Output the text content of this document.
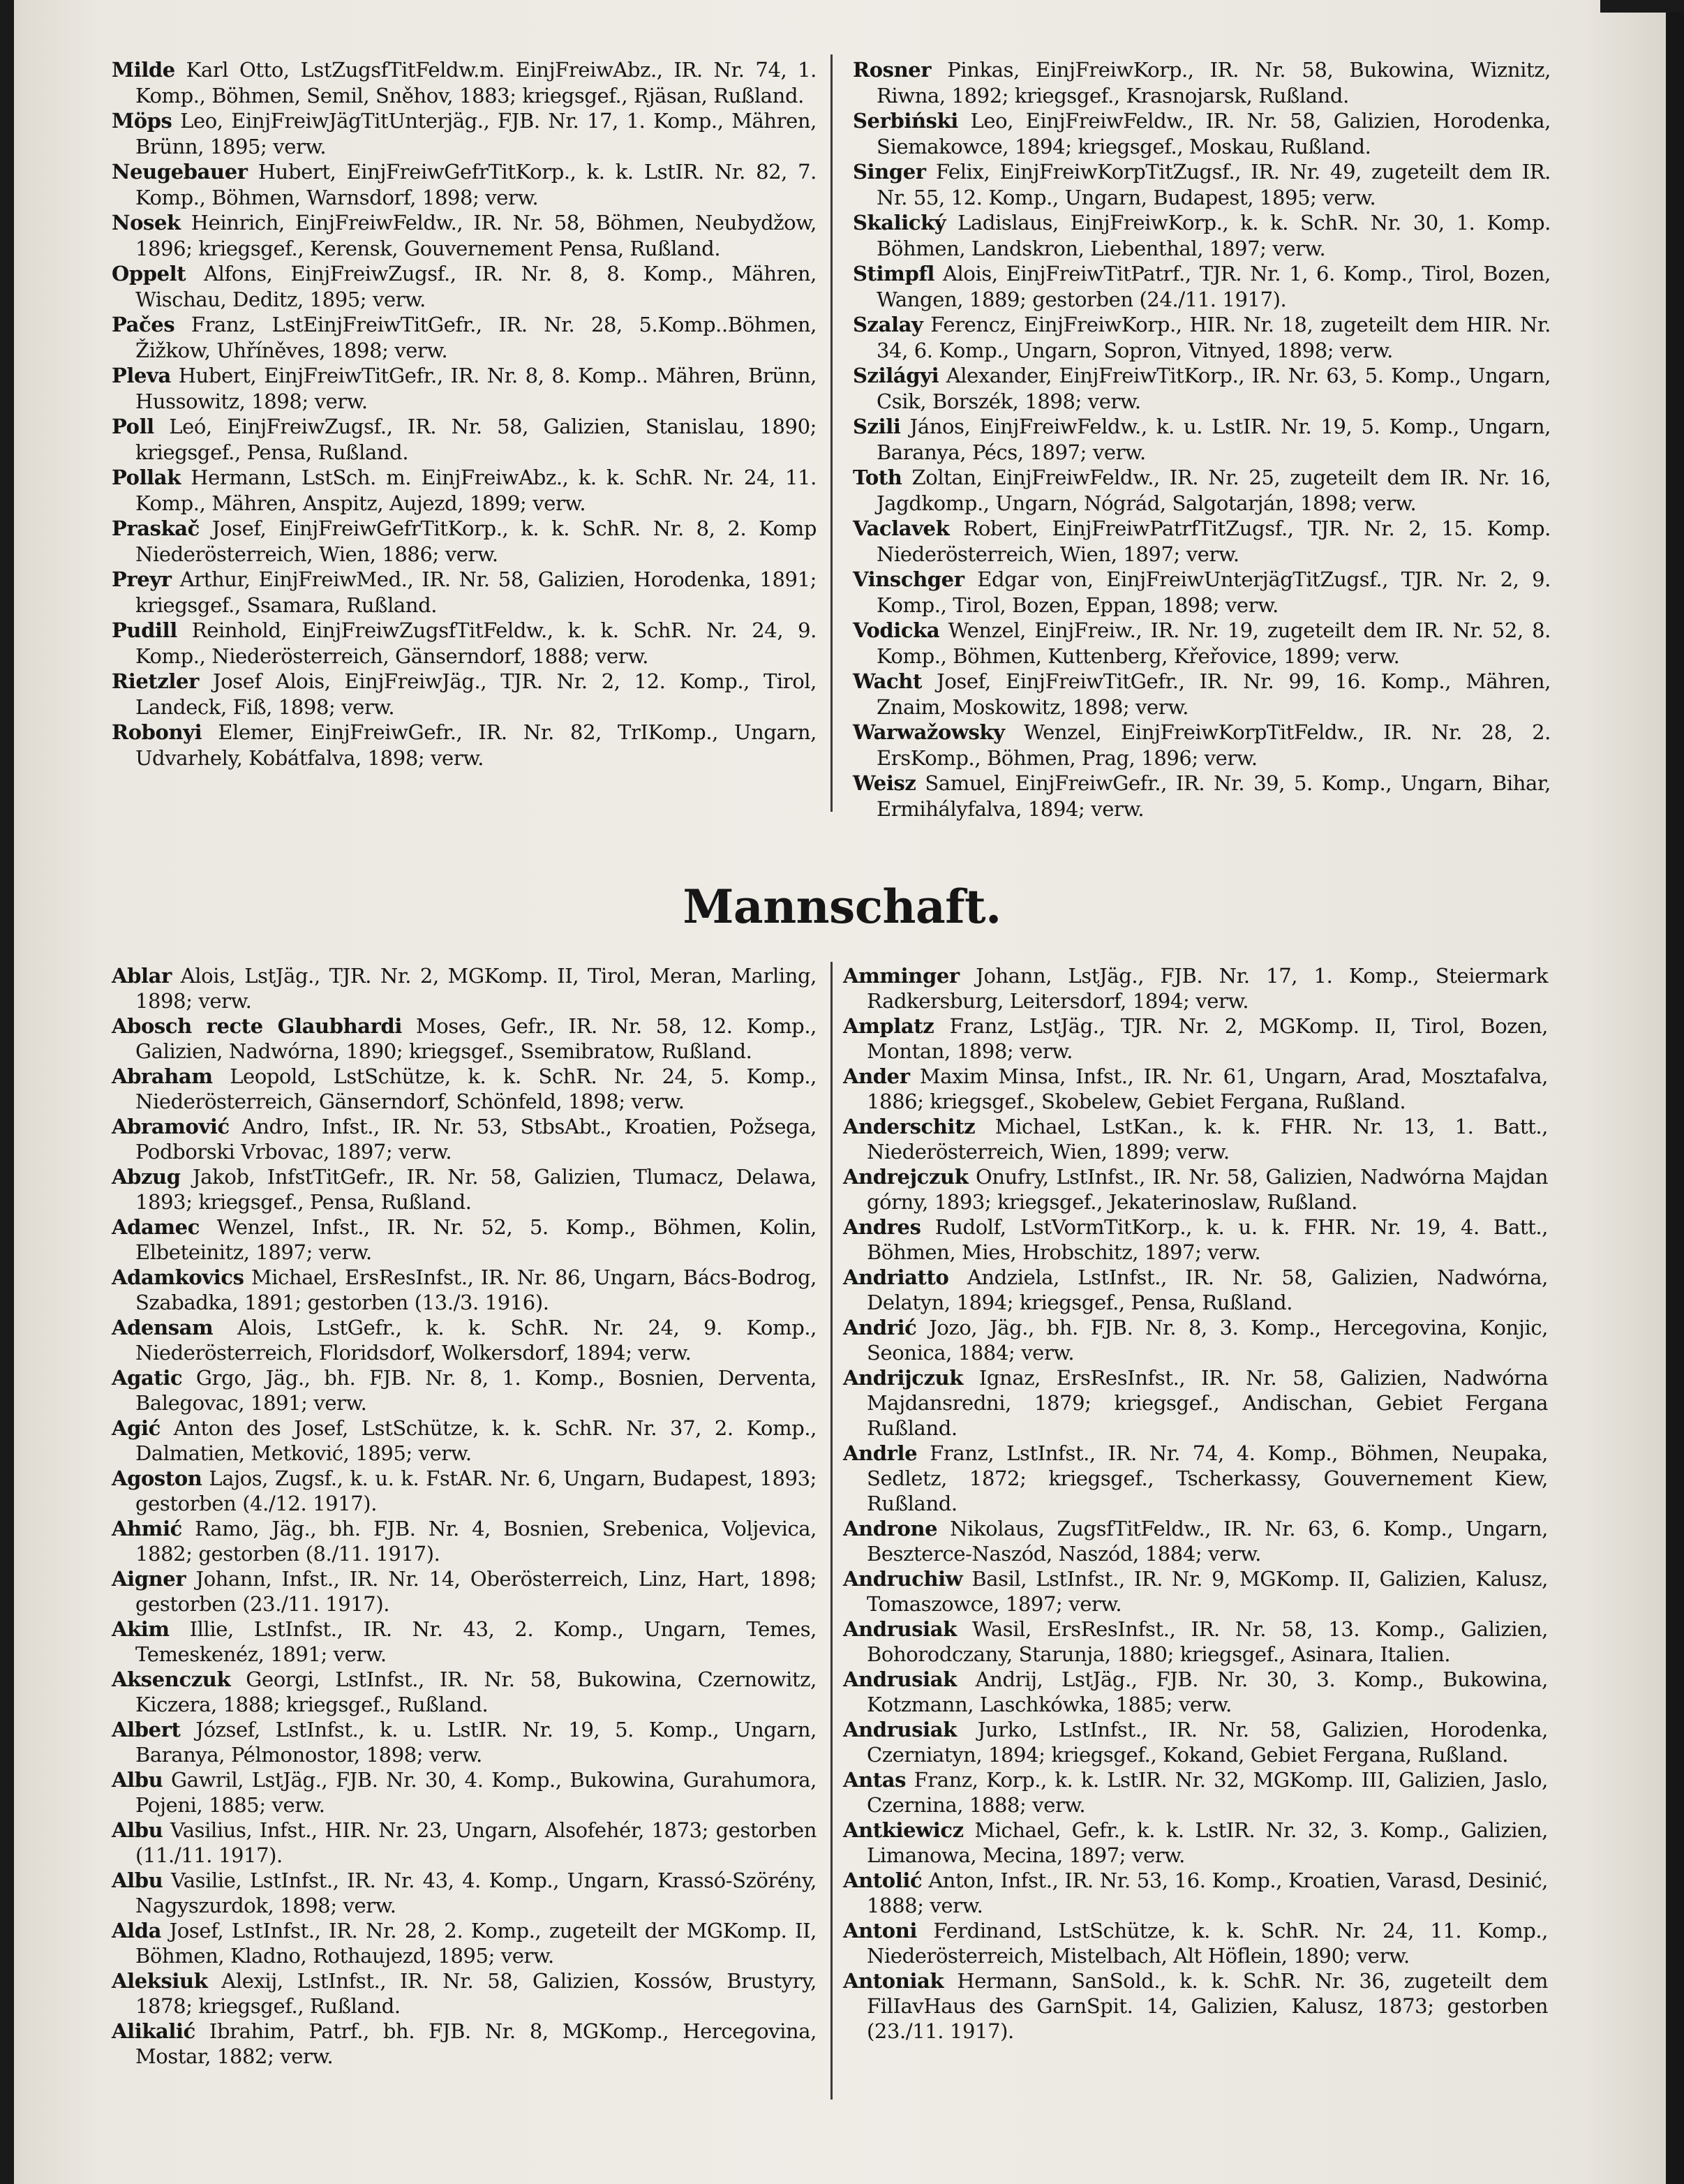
Milde Karl Otto, LstZugsfTitFeldw.m. EinjFreiwAbz., IR. Nr. 74, 1. Komp., Böhmen, Semil, Sněhov, 1883; kriegsgef., Rjäsan, Rußland.

Möps Leo, EinjFreiwJägTitUnterjäg., FJB. Nr. 17, 1. Komp., Mähren, Brünn, 1895; verw.

Neugebauer Hubert, EinjFreiwGefrTitKorp., k. k. LstIR. Nr. 82, 7. Komp., Böhmen, Warnsdorf, 1898; verw.

Nosek Heinrich, EinjFreiwFeldw., IR. Nr. 58, Böhmen, Neubydžow, 1896; kriegsgef., Kerensk, Gouvernement Pensa, Rußland.

Oppelt Alfons, EinjFreiwZugsf., IR. Nr. 8, 8. Komp., Mähren, Wischau, Deditz, 1895; verw.

Pačes Franz, LstEinjFreiwTitGefr., IR. Nr. 28, 5.Komp..Böhmen, Žižkow, Uhříněves, 1898; verw.

Pleva Hubert, EinjFreiwTitGefr., IR. Nr. 8, 8. Komp.. Mähren, Brünn, Hussowitz, 1898; verw.

Poll Leó, EinjFreiwZugsf., IR. Nr. 58, Galizien, Stanislau, 1890; kriegsgef., Pensa, Rußland.

Pollak Hermann, LstSch. m. EinjFreiwAbz., k. k. SchR. Nr. 24, 11. Komp., Mähren, Anspitz, Aujezd, 1899; verw.

Praskač Josef, EinjFreiwGefrTitKorp., k. k. SchR. Nr. 8, 2. Komp Niederösterreich, Wien, 1886; verw.

Preyr Arthur, EinjFreiwMed., IR. Nr. 58, Galizien, Horodenka, 1891; kriegsgef., Ssamara, Rußland.

Pudill Reinhold, EinjFreiwZugsfTitFeldw., k. k. SchR. Nr. 24, 9. Komp., Niederösterreich, Gänserndorf, 1888; verw.

Rietzler Josef Alois, EinjFreiwJäg., TJR. Nr. 2, 12. Komp., Tirol, Landeck, Fiß, 1898; verw.

Robonyi Elemer, EinjFreiwGefr., IR. Nr. 82, TrIKomp., Ungarn, Udvarhely, Kobátfalva, 1898; verw.

Rosner Pinkas, EinjFreiwKorp., IR. Nr. 58, Bukowina, Wiznitz, Riwna, 1892; kriegsgef., Krasnojarsk, Rußland.

Serbiński Leo, EinjFreiwFeldw., IR. Nr. 58, Galizien, Horodenka, Siemakowce, 1894; kriegsgef., Moskau, Rußland.

Singer Felix, EinjFreiwKorpTitZugsf., IR. Nr. 49, zugeteilt dem IR. Nr. 55, 12. Komp., Ungarn, Budapest, 1895; verw.

Skalický Ladislaus, EinjFreiwKorp., k. k. SchR. Nr. 30, 1. Komp. Böhmen, Landskron, Liebenthal, 1897; verw.

Stimpfl Alois, EinjFreiwTitPatrf., TJR. Nr. 1, 6. Komp., Tirol, Bozen, Wangen, 1889; gestorben (24./11. 1917).

Szalay Ferencz, EinjFreiwKorp., HIR. Nr. 18, zugeteilt dem HIR. Nr. 34, 6. Komp., Ungarn, Sopron, Vitnyed, 1898; verw.

Szilágyi Alexander, EinjFreiwTitKorp., IR. Nr. 63, 5. Komp., Ungarn, Csik, Borszék, 1898; verw.

Szili János, EinjFreiwFeldw., k. u. LstIR. Nr. 19, 5. Komp., Ungarn, Baranya, Pécs, 1897; verw.

Toth Zoltan, EinjFreiwFeldw., IR. Nr. 25, zugeteilt dem IR. Nr. 16, Jagdkomp., Ungarn, Nógrád, Salgotarján, 1898; verw.

Vaclavek Robert, EinjFreiwPatrfTitZugsf., TJR. Nr. 2, 15. Komp. Niederösterreich, Wien, 1897; verw.

Vinschger Edgar von, EinjFreiwUnterjägTitZugsf., TJR. Nr. 2, 9. Komp., Tirol, Bozen, Eppan, 1898; verw.

Vodicka Wenzel, EinjFreiw., IR. Nr. 19, zugeteilt dem IR. Nr. 52, 8. Komp., Böhmen, Kuttenberg, Křeřovice, 1899; verw.

Wacht Josef, EinjFreiwTitGefr., IR. Nr. 99, 16. Komp., Mähren, Znaim, Moskowitz, 1898; verw.

Warwažowsky Wenzel, EinjFreiwKorpTitFeldw., IR. Nr. 28, 2. ErsKomp., Böhmen, Prag, 1896; verw.

Weisz Samuel, EinjFreiwGefr., IR. Nr. 39, 5. Komp., Ungarn, Bihar, Ermihályfalva, 1894; verw.

Mannschaft.

Ablar Alois, LstJäg., TJR. Nr. 2, MGKomp. II, Tirol, Meran, Marling, 1898; verw.

Abosch recte Glaubhardi Moses, Gefr., IR. Nr. 58, 12. Komp., Galizien, Nadwórna, 1890; kriegsgef., Ssemibratow, Rußland.

Abraham Leopold, LstSchütze, k. k. SchR. Nr. 24, 5. Komp., Niederösterreich, Gänserndorf, Schönfeld, 1898; verw.

Abramović Andro, Infst., IR. Nr. 53, StbsAbt., Kroatien, Požsega, Podborski Vrbovac, 1897; verw.

Abzug Jakob, InfstTitGefr., IR. Nr. 58, Galizien, Tlumacz, Delawa, 1893; kriegsgef., Pensa, Rußland.

Adamec Wenzel, Infst., IR. Nr. 52, 5. Komp., Böhmen, Kolin, Elbeteinitz, 1897; verw.

Adamkovics Michael, ErsResInfst., IR. Nr. 86, Ungarn, Bács-Bodrog, Szabadka, 1891; gestorben (13./3. 1916).

Adensam Alois, LstGefr., k. k. SchR. Nr. 24, 9. Komp., Niederösterreich, Floridsdorf, Wolkersdorf, 1894; verw.

Agatic Grgo, Jäg., bh. FJB. Nr. 8, 1. Komp., Bosnien, Derventa, Balegovac, 1891; verw.

Agić Anton des Josef, LstSchütze, k. k. SchR. Nr. 37, 2. Komp., Dalmatien, Metković, 1895; verw.

Agoston Lajos, Zugsf., k. u. k. FstAR. Nr. 6, Ungarn, Budapest, 1893; gestorben (4./12. 1917).

Ahmić Ramo, Jäg., bh. FJB. Nr. 4, Bosnien, Srebenica, Voljevica, 1882; gestorben (8./11. 1917).

Aigner Johann, Infst., IR. Nr. 14, Oberösterreich, Linz, Hart, 1898; gestorben (23./11. 1917).

Akim Illie, LstInfst., IR. Nr. 43, 2. Komp., Ungarn, Temes, Temeskenéz, 1891; verw.

Aksenczuk Georgi, LstInfst., IR. Nr. 58, Bukowina, Czernowitz, Kiczera, 1888; kriegsgef., Rußland.

Albert József, LstInfst., k. u. LstIR. Nr. 19, 5. Komp., Ungarn, Baranya, Pélmonostor, 1898; verw.

Albu Gawril, LstJäg., FJB. Nr. 30, 4. Komp., Bukowina, Gurahumora, Pojeni, 1885; verw.

Albu Vasilius, Infst., HIR. Nr. 23, Ungarn, Alsofehér, 1873; gestorben (11./11. 1917).

Albu Vasilie, LstInfst., IR. Nr. 43, 4. Komp., Ungarn, Krassó-Szörény, Nagyszurdok, 1898; verw.

Alda Josef, LstInfst., IR. Nr. 28, 2. Komp., zugeteilt der MGKomp. II, Böhmen, Kladno, Rothaujezd, 1895; verw.

Aleksiuk Alexij, LstInfst., IR. Nr. 58, Galizien, Kossów, Brustyry, 1878; kriegsgef., Rußland.

Alikalić Ibrahim, Patrf., bh. FJB. Nr. 8, MGKomp., Hercegovina, Mostar, 1882; verw.

Amminger Johann, LstJäg., FJB. Nr. 17, 1. Komp., Steiermark Radkersburg, Leitersdorf, 1894; verw.

Amplatz Franz, LstJäg., TJR. Nr. 2, MGKomp. II, Tirol, Bozen, Montan, 1898; verw.

Ander Maxim Minsa, Infst., IR. Nr. 61, Ungarn, Arad, Mosztafalva, 1886; kriegsgef., Skobelew, Gebiet Fergana, Rußland.

Anderschitz Michael, LstKan., k. k. FHR. Nr. 13, 1. Batt., Niederösterreich, Wien, 1899; verw.

Andrejczuk Onufry, LstInfst., IR. Nr. 58, Galizien, Nadwórna Majdan górny, 1893; kriegsgef., Jekaterinoslaw, Rußland.

Andres Rudolf, LstVormTitKorp., k. u. k. FHR. Nr. 19, 4. Batt., Böhmen, Mies, Hrobschitz, 1897; verw.

Andriatto Andziela, LstInfst., IR. Nr. 58, Galizien, Nadwórna, Delatyn, 1894; kriegsgef., Pensa, Rußland.

Andrić Jozo, Jäg., bh. FJB. Nr. 8, 3. Komp., Hercegovina, Konjic, Seonica, 1884; verw.

Andrijczuk Ignaz, ErsResInfst., IR. Nr. 58, Galizien, Nadwórna Majdansredni, 1879; kriegsgef., Andischan, Gebiet Fergana Rußland.

Andrle Franz, LstInfst., IR. Nr. 74, 4. Komp., Böhmen, Neupaka, Sedletz, 1872; kriegsgef., Tscherkassy, Gouvernement Kiew, Rußland.

Androne Nikolaus, ZugsfTitFeldw., IR. Nr. 63, 6. Komp., Ungarn, Beszterce-Naszód, Naszód, 1884; verw.

Andruchiw Basil, LstInfst., IR. Nr. 9, MGKomp. II, Galizien, Kalusz, Tomaszowce, 1897; verw.

Andrusiak Wasil, ErsResInfst., IR. Nr. 58, 13. Komp., Galizien, Bohorodczany, Starunja, 1880; kriegsgef., Asinara, Italien.

Andrusiak Andrij, LstJäg., FJB. Nr. 30, 3. Komp., Bukowina, Kotzmann, Laschkówka, 1885; verw.

Andrusiak Jurko, LstInfst., IR. Nr. 58, Galizien, Horodenka, Czerniatyn, 1894; kriegsgef., Kokand, Gebiet Fergana, Rußland.

Antas Franz, Korp., k. k. LstIR. Nr. 32, MGKomp. III, Galizien, Jaslo, Czernina, 1888; verw.

Antkiewicz Michael, Gefr., k. k. LstIR. Nr. 32, 3. Komp., Galizien, Limanowa, Mecina, 1897; verw.

Antolić Anton, Infst., IR. Nr. 53, 16. Komp., Kroatien, Varasd, Desinić, 1888; verw.

Antoni Ferdinand, LstSchütze, k. k. SchR. Nr. 24, 11. Komp., Niederösterreich, Mistelbach, Alt Höflein, 1890; verw.

Antoniak Hermann, SanSold., k. k. SchR. Nr. 36, zugeteilt dem FilIavHaus des GarnSpit. 14, Galizien, Kalusz, 1873; gestorben (23./11. 1917).
